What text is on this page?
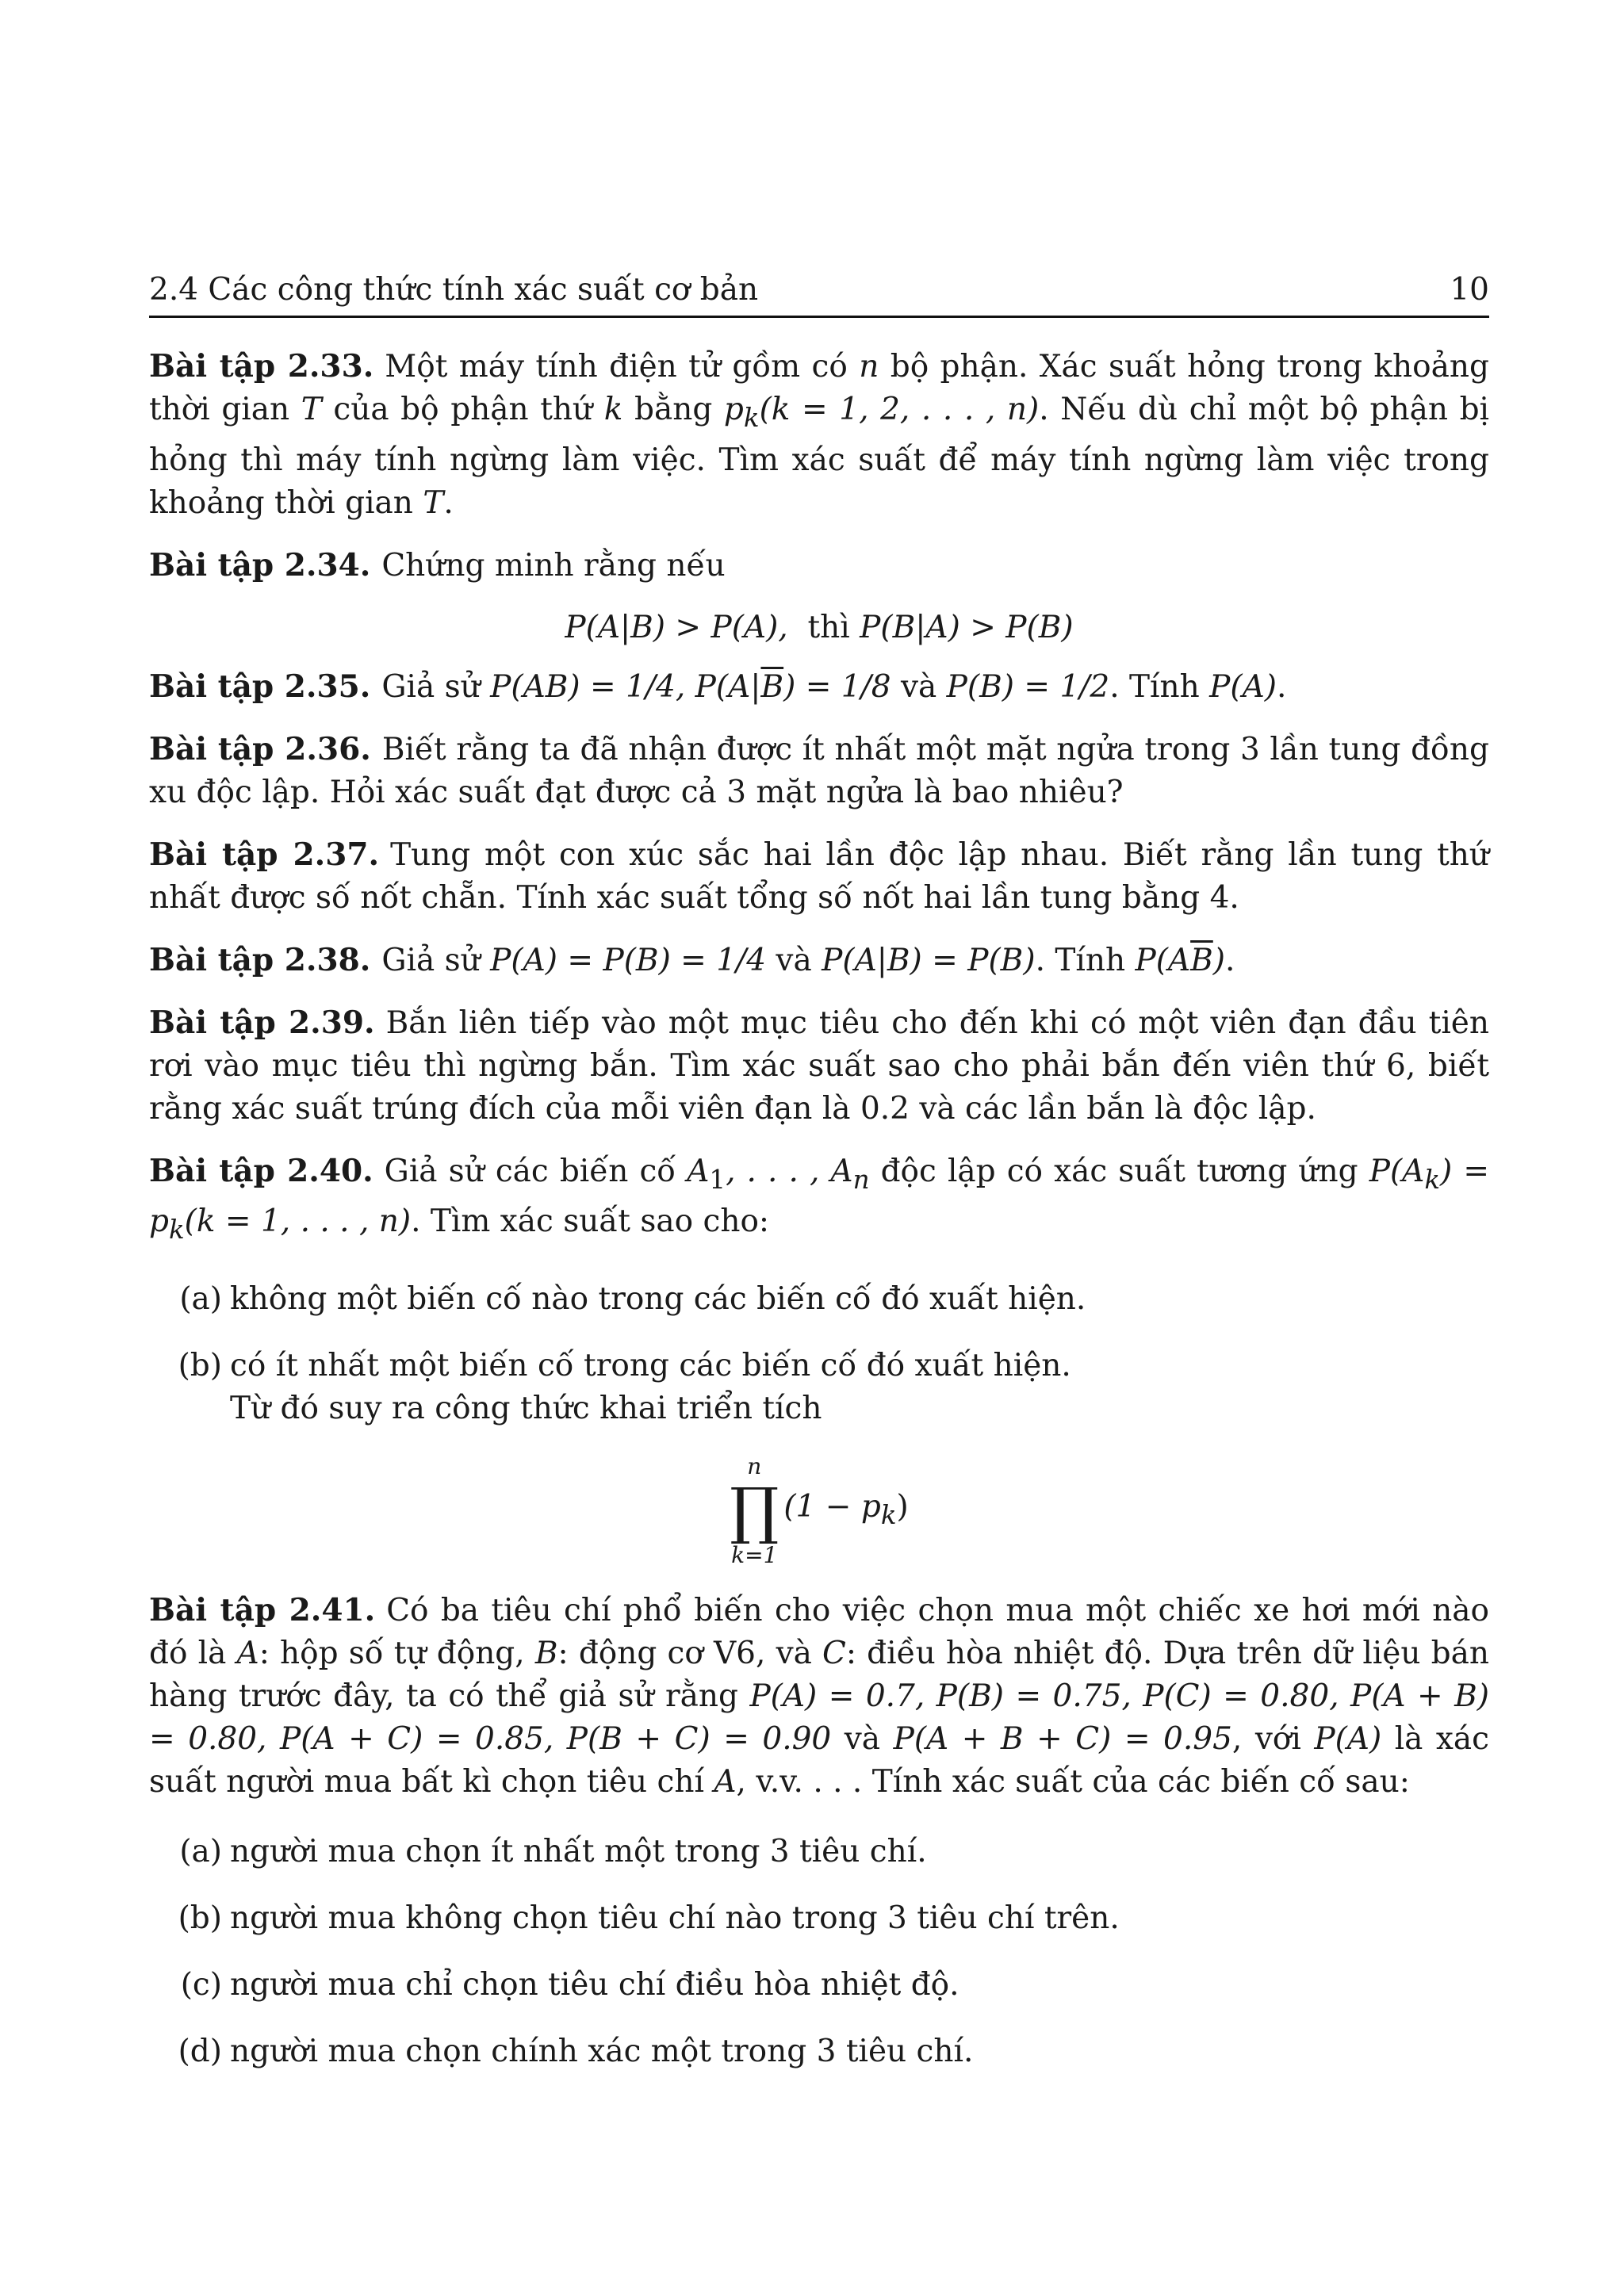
2.4 Các công thức tính xác suất cơ bản	10

Bài tập 2.33. Một máy tính điện tử gồm có n bộ phận. Xác suất hỏng trong khoảng thời gian T của bộ phận thứ k bằng $p_k(k = 1$, 2, . . . , n). Nếu dù chỉ một bộ phận bị hỏng thì máy tính ngừng làm việc. Tìm xác suất để máy tính ngừng làm việc trong khoảng thời gian T.

Bài tập 2.34. Chứng minh rằng nếu

P(A|B) > P(A), thì P(B|A) > P(B)

Bài tập 2.35. Giả sử P(AB) = 1/4, $P(A|\overline{B}) = 1/8$ và P(B) = 1/2. Tính P(A).

Bài tập 2.36. Biết rằng ta đã nhận được ít nhất một mặt ngửa trong 3 lần tung đồng xu độc lập. Hỏi xác suất đạt được cả 3 mặt ngửa là bao nhiêu?

Bài tập 2.37. Tung một con xúc sắc hai lần độc lập nhau. Biết rằng lần tung thứ nhất được số nốt chẵn. Tính xác suất tổng số nốt hai lần tung bằng 4.

Bài tập 2.38. Giả sử P(A) = P(B) = 1/4 và P(A|B) = P(B). Tính $P(A\overline{B})$.

Bài tập 2.39. Bắn liên tiếp vào một mục tiêu cho đến khi có một viên đạn đầu tiên rơi vào mục tiêu thì ngừng bắn. Tìm xác suất sao cho phải bắn đến viên thứ 6, biết rằng xác suất trúng đích của mỗi viên đạn là 0.2 và các lần bắn là độc lập.

Bài tập 2.40. Giả sử các biến cố $A_1$, . . . , $A_n$ độc lập có xác suất tương ứng $P(A_k) = p_k(k = 1$, . . . , n). Tìm xác suất sao cho:

(a) không một biến cố nào trong các biến cố đó xuất hiện.
(b) có ít nhất một biến cố trong các biến cố đó xuất hiện.
Từ đó suy ra công thức khai triển tích
n
∏
k=1
$(1 - p_k)$

Bài tập 2.41. Có ba tiêu chí phổ biến cho việc chọn mua một chiếc xe hơi mới nào đó là A: hộp số tự động, B: động cơ V6, và C: điều hòa nhiệt độ. Dựa trên dữ liệu bán hàng trước đây, ta có thể giả sử rằng P(A) = 0.7, P(B) = 0.75, P(C) = 0.80, P(A + B) = 0.80, P(A + C) = 0.85, P(B + C) = 0.90 và P(A + B + C) = 0.95, với P(A) là xác suất người mua bất kì chọn tiêu chí A, v.v. . . . Tính xác suất của các biến cố sau:

(a) người mua chọn ít nhất một trong 3 tiêu chí.
(b) người mua không chọn tiêu chí nào trong 3 tiêu chí trên.
(c) người mua chỉ chọn tiêu chí điều hòa nhiệt độ.
(d) người mua chọn chính xác một trong 3 tiêu chí.
